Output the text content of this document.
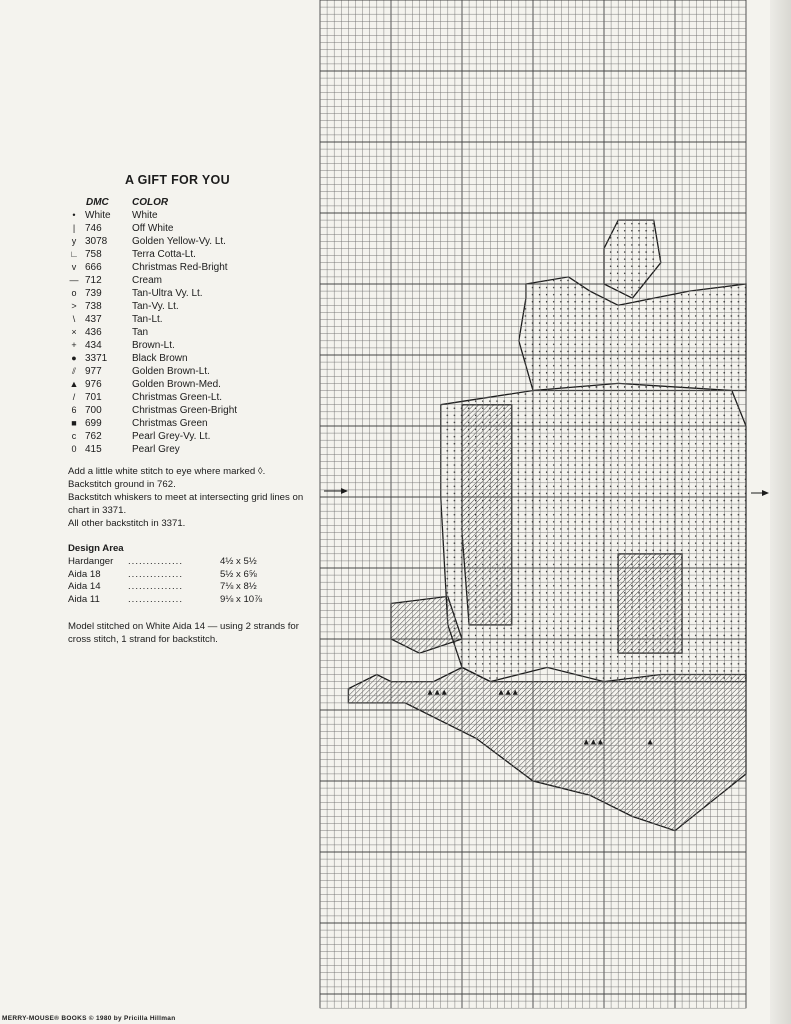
A GIFT FOR YOU
DMC COLOR
• White White
| 746	Off White
y 3078 Golden Yellow-Vy. Lt.
∟ 758	Terra Cotta-Lt.
v 666	Christmas Red-Bright
— 712	Cream
o 739	Tan-Ultra Vy. Lt.
> 738	Tan-Vy. Lt.
\ 437	Tan-Lt.
× 436	Tan
+ 434	Brown-Lt.
● 3371 Black Brown
⫽ 977	Golden Brown-Lt.
▲ 976	Golden Brown-Med.
/ 701	Christmas Green-Lt.
6 700	Christmas Green-Bright
■ 699	Christmas Green
c 762	Pearl Grey-Vy. Lt.
0 415	Pearl Grey

Add a little white stitch to eye where marked ◊.

Backstitch ground in 762.

Backstitch whiskers to meet at intersecting grid lines on chart in 3371.

All other backstitch in 3371.

Design Area
Hardanger ...............	4½ x 5½
Aida 18	...............	5½ x 6⅝
Aida 14	...............	7⅛ x 8½
Aida 11	...............	9⅛ x 10⅞
Model stitched on White Aida 14 — using 2 strands for cross stitch, 1 strand for backstitch.
MERRY-MOUSE® BOOKS © 1980 by Pricilla Hillman
